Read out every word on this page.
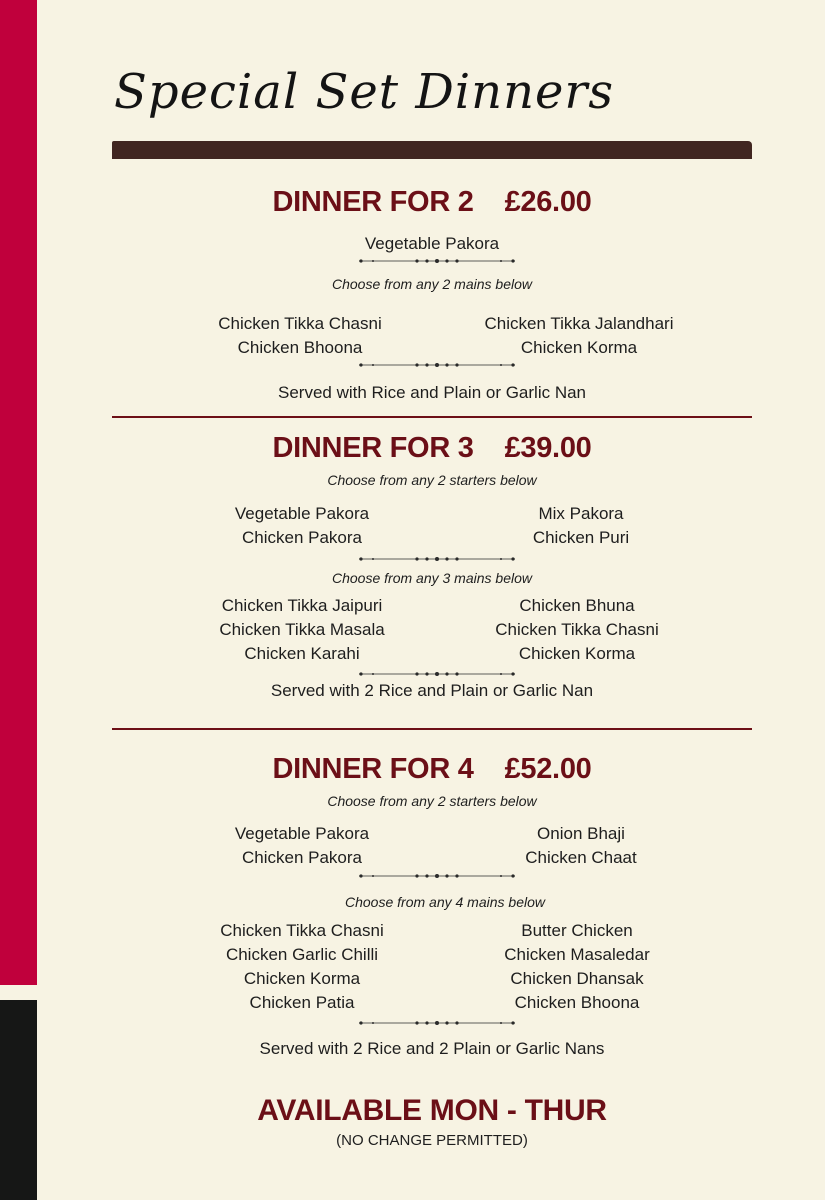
Special Set Dinners
DINNER FOR 2    £26.00
Vegetable Pakora
Choose from any 2 mains below
Chicken Tikka Chasni
Chicken Bhoona
Chicken Tikka Jalandhari
Chicken Korma
Served with Rice and Plain or Garlic Nan
DINNER FOR 3    £39.00
Choose from any 2 starters below
Vegetable Pakora
Chicken Pakora
Mix Pakora
Chicken Puri
Choose from any 3 mains below
Chicken Tikka Jaipuri
Chicken Tikka Masala
Chicken Karahi
Chicken Bhuna
Chicken Tikka Chasni
Chicken Korma
Served with 2 Rice and Plain or Garlic Nan
DINNER FOR 4    £52.00
Choose from any 2 starters below
Vegetable Pakora
Chicken Pakora
Onion Bhaji
Chicken Chaat
Choose from any 4 mains below
Chicken Tikka Chasni
Chicken Garlic Chilli
Chicken Korma
Chicken Patia
Butter Chicken
Chicken Masaledar
Chicken Dhansak
Chicken Bhoona
Served with 2 Rice and 2 Plain or Garlic Nans
AVAILABLE MON - THUR
(NO CHANGE PERMITTED)
